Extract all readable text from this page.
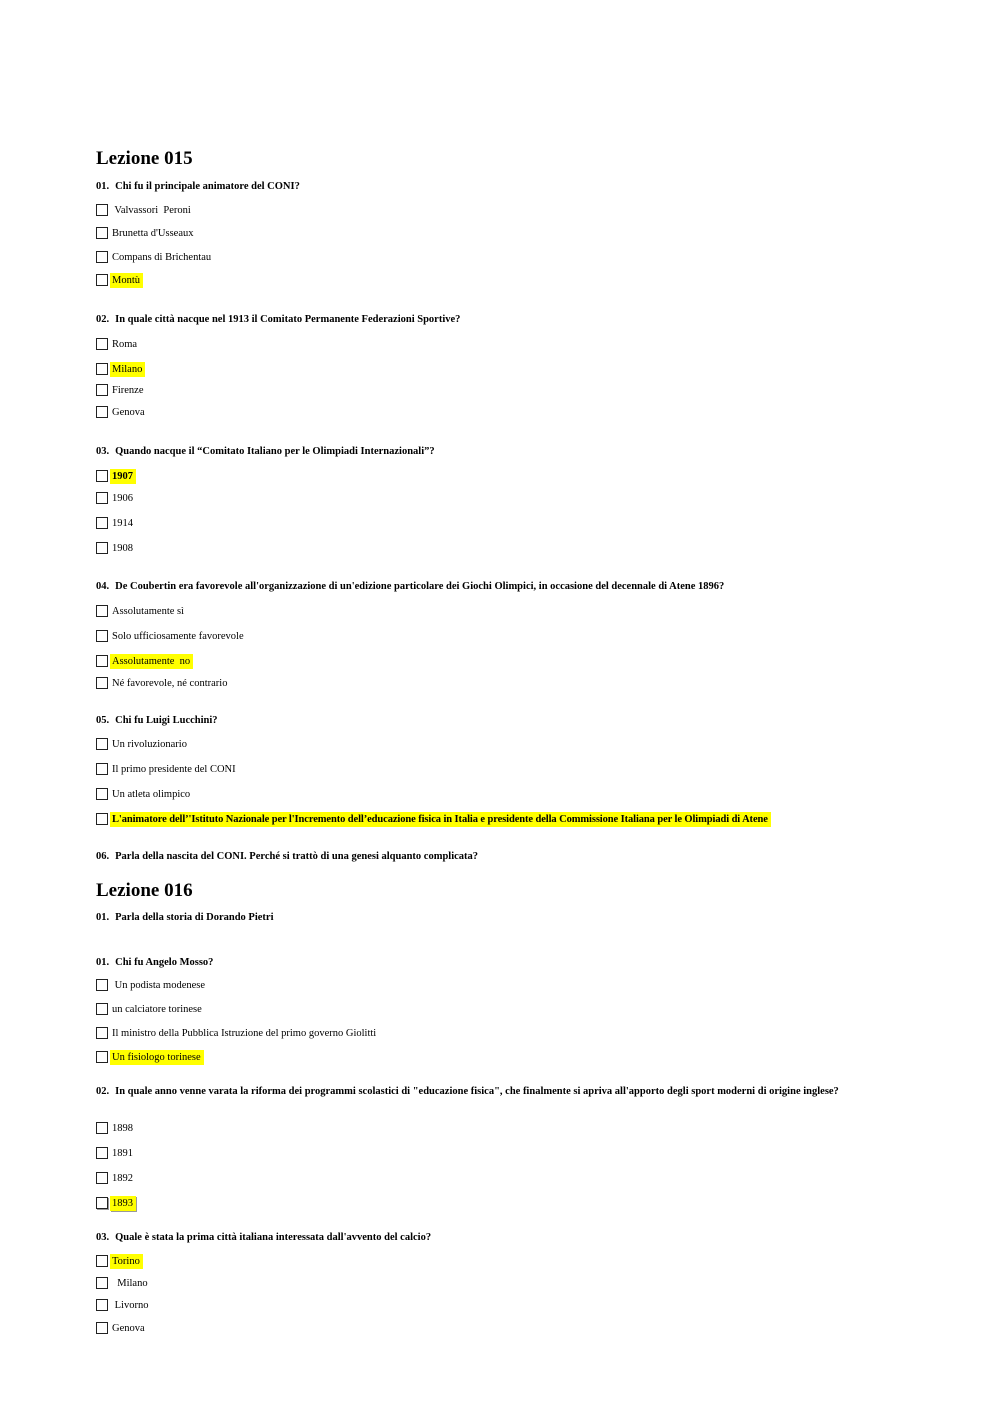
Lezione 015
01. Chi fu il principale animatore del CONI?
Valvassori  Peroni
Brunetta d'Usseaux
Compans di Brichentau
Montù
02. In quale città nacque nel 1913 il Comitato Permanente Federazioni Sportive?
Roma
Milano
Firenze
Genova
03. Quando nacque il “Comitato Italiano per le Olimpiadi Internazionali”?
1907
1906
1914
1908
04. De Coubertin era favorevole all'organizzazione di un'edizione particolare dei Giochi Olimpici, in occasione del decennale di Atene 1896?
Assolutamente sì
Solo ufficiosamente favorevole
Assolutamente  no
Né favorevole, né contrario
05. Chi fu Luigi Lucchini?
Un rivoluzionario
Il primo presidente del CONI
Un atleta olimpico
L'animatore dell’'Istituto Nazionale per l'Incremento dell’educazione fisica in Italia e presidente della Commissione Italiana per le Olimpiadi di Atene
06. Parla della nascita del CONI. Perché si trattò di una genesi alquanto complicata?
Lezione 016
01. Parla della storia di Dorando Pietri
01. Chi fu Angelo Mosso?
Un podista modenese
un calciatore torinese
Il ministro della Pubblica Istruzione del primo governo Giolitti
Un fisiologo torinese
02. In quale anno venne varata la riforma dei programmi scolastici di "educazione fisica", che finalmente si apriva all'apporto degli sport moderni di origine inglese?
1898
1891
1892
1893
03. Quale è stata la prima città italiana interessata dall'avvento del calcio?
Torino
Milano
Livorno
Genova
